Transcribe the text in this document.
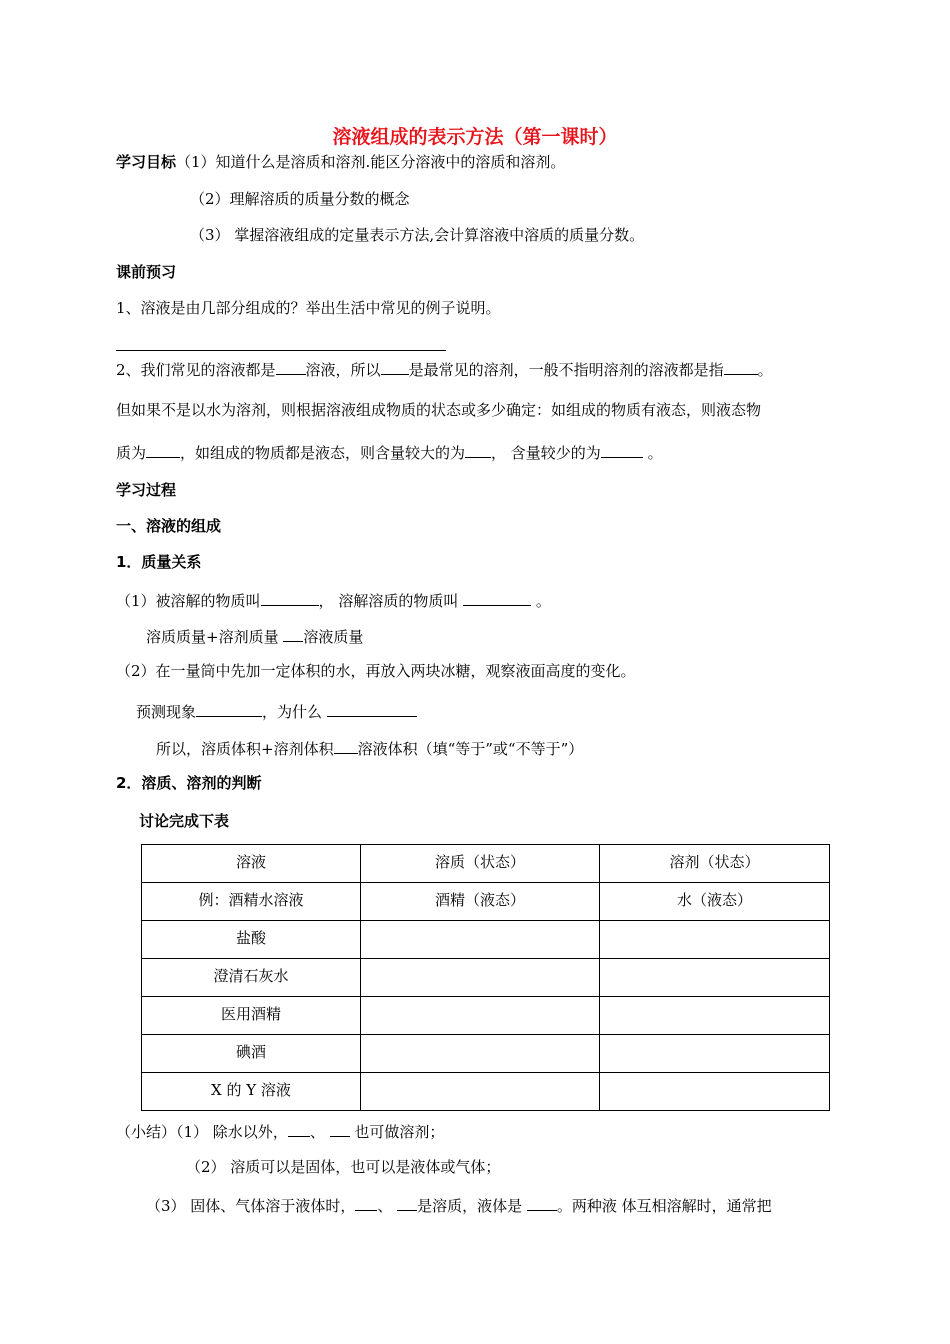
溶液组成的表示方法（第一课时）
学习目标（1）知道什么是溶质和溶剂.能区分溶液中的溶质和溶剂。
（2）理解溶质的质量分数的概念
（3） 掌握溶液组成的定量表示方法,会计算溶液中溶质的质量分数。
课前预习
1、溶液是由几部分组成的？举出生活中常见的例子说明。
2、我们常见的溶液都是 溶液，所以 是最常见的溶剂，一般不指明溶剂的溶液都是指 。
但如果不是以水为溶剂，则根据溶液组成物质的状态或多少确定：如组成的物质有液态，则液态物
质为 ，如组成的物质都是液态，则含量较大的为 ， 含量较少的为	。
学习过程
一、溶液的组成
1．质量关系
（1）被溶解的物质叫	， 溶解溶质的物质叫	。
溶质质量+溶剂质量 溶液质量
（2）在一量筒中先加一定体积的水，再放入两块冰糖，观察液面高度的变化。
预测现象	，为什么
所以，溶质体积+溶剂体积 溶液体积（填“等于”或“不等于”）
2．溶质、溶剂的判断
讨论完成下表
溶液	溶质（状态）	溶剂（状态）
例：酒精水溶液	酒精（液态）	水（液态）
盐酸		
澄清石灰水		
医用酒精		
碘酒		
X 的 Y 溶液		
（小结）（1） 除水以外， 、  也可做溶剂；
（2） 溶质可以是固体，也可以是液体或气体；
（3） 固体、气体溶于液体时， 、 是溶质，液体是 。两种液 体互相溶解时，通常把
